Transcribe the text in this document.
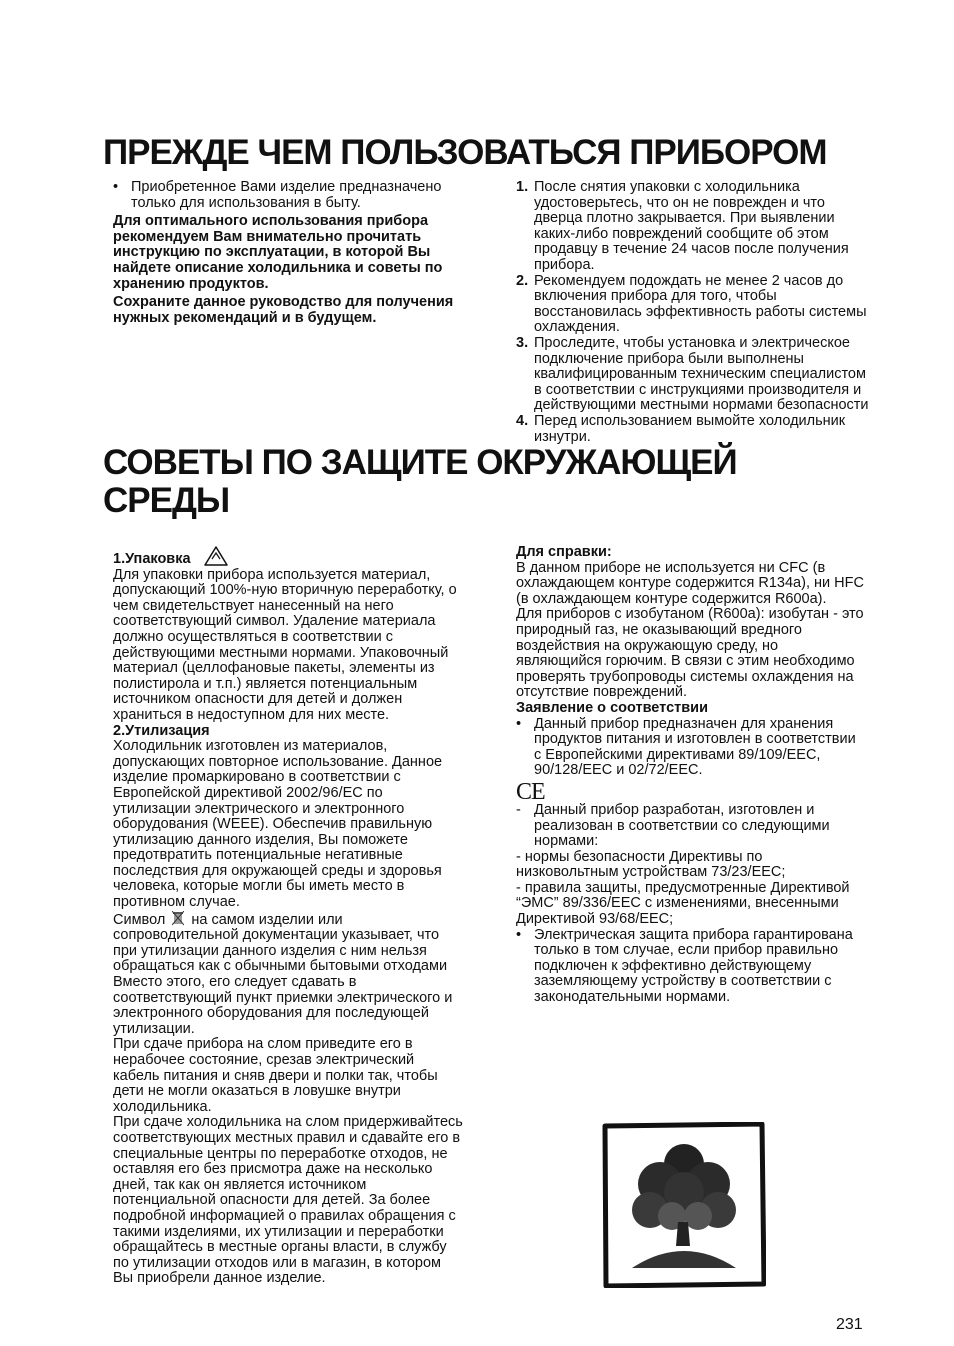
ПРЕЖДЕ ЧЕМ ПОЛЬЗОВАТЬСЯ ПРИБОРОМ

• Приобретенное Вами изделие предназначено только для использования в быту.

Для оптимального использования прибора рекомендуем Вам внимательно прочитать инструкцию по эксплуатации, в которой Вы найдете описание холодильника и советы по хранению продуктов.

Сохраните данное руководство для получения нужных рекомендаций и в будущем.

1. После снятия упаковки с холодильника удостоверьтесь, что он не поврежден и что дверца плотно закрывается. При выявлении каких-либо повреждений сообщите об этом продавцу в течение 24 часов после получения прибора.

2. Рекомендуем подождать не менее 2 часов до включения прибора для того, чтобы восстановилась эффективность работы системы охлаждения.

3. Проследите, чтобы установка и электрическое подключение прибора были выполнены квалифицированным техническим специалистом в соответствии с инструкциями производителя и действующими местными нормами безопасности

4. Перед использованием вымойте холодильник изнутри.

СОВЕТЫ ПО ЗАЩИТЕ ОКРУЖАЮЩЕЙ
СРЕДЫ

1.Упаковка

Для упаковки прибора используется материал, допускающий 100%-ную вторичную переработку, о чем свидетельствует нанесенный на него соответствующий символ. Удаление материала должно осуществляться в соответствии с действующими местными нормами. Упаковочный материал (целлофановые пакеты, элементы из полистирола и т.п.) является потенциальным источником опасности для детей и должен храниться в недоступном для них месте.

2.Утилизация

Холодильник изготовлен из материалов, допускающих повторное использование. Данное изделие промаркировано в соответствии с Европейской директивой 2002/96/EC по утилизации электрического и электронного оборудования (WEEE). Обеспечив правильную утилизацию данного изделия, Вы поможете предотвратить потенциальные негативные последствия для окружающей среды и здоровья человека, которые могли бы иметь место в противном случае.

Символ на самом изделии или сопроводительной документации указывает, что при утилизации данного изделия с ним нельзя обращаться как с обычными бытовыми отходами Вместо этого, его следует сдавать в соответствующий пункт приемки электрического и электронного оборудования для последующей утилизации.

При сдаче прибора на слом приведите его в нерабочее состояние, срезав электрический кабель питания и сняв двери и полки так, чтобы дети не могли оказаться в ловушке внутри холодильника.

При сдаче холодильника на слом придерживайтесь соответствующих местных правил и сдавайте его в специальные центры по переработке отходов, не оставляя его без присмотра даже на несколько дней, так как он является источником потенциальной опасности для детей. За более подробной информацией о правилах обращения с такими изделиями, их утилизации и переработки обращайтесь в местные органы власти, в службу по утилизации отходов или в магазин, в котором Вы приобрели данное изделие.

Для справки:

В данном приборе не используется ни CFC (в охлаждающем контуре содержится R134a), ни HFC (в охлаждающем контуре содержится R600a).

Для приборов с изобутаном (R600a): изобутан - это природный газ, не оказывающий вредного воздействия на окружающую среду, но являющийся горючим. В связи с этим необходимо проверять трубопроводы системы охлаждения на отсутствие повреждений.

Заявление о соответствии

• Данный прибор предназначен для хранения продуктов питания и изготовлен в соответствии с Европейскими директивами 89/109/EEC, 90/128/EEC и 02/72/EEC.

CE

- Данный прибор разработан, изготовлен и реализован в соответствии со следующими нормами:

- нормы безопасности Директивы по низковольтным устройствам 73/23/EEC;

- правила защиты, предусмотренные Директивой “ЭМС” 89/336/EEC с изменениями, внесенными Директивой 93/68/EEC;

• Электрическая защита прибора гарантирована только в том случае, если прибор правильно подключен к эффективно действующему заземляющему устройству в соответствии с законодательными нормами.

231
